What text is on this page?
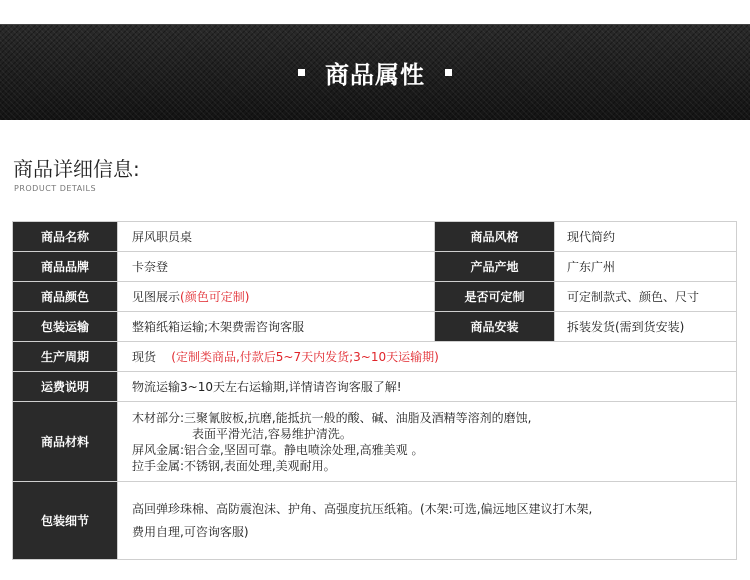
商品属性
商品详细信息:
PRODUCT DETAILS
商品名称	屏风职员桌	商品风格	现代简约
商品品牌	卡奈登	产品产地	广东广州
商品颜色	见图展示(颜色可定制)	是否可定制	可定制款式、颜色、尺寸
包装运输	整箱纸箱运输;木架费需咨询客服	商品安装	拆装发货(需到货安装)
生产周期	现货 (定制类商品,付款后5~7天内发货;3~10天运输期)		
运费说明	物流运输3~10天左右运输期,详情请咨询客服了解!		
商品材料	木材部分:三聚氰胺板,抗磨,能抵抗一般的酸、碱、油脂及酒精等溶剂的磨蚀,
表面平滑光洁,容易维护清洗。
屏风金属:铝合金,坚固可靠。静电喷涂处理,高雅美观 。
拉手金属:不锈钢,表面处理,美观耐用。		

包装细节	高回弹珍珠棉、高防震泡沫、护角、高强度抗压纸箱。(木架:可选,偏远地区建议打木架,
费用自理,可咨询客服)		
